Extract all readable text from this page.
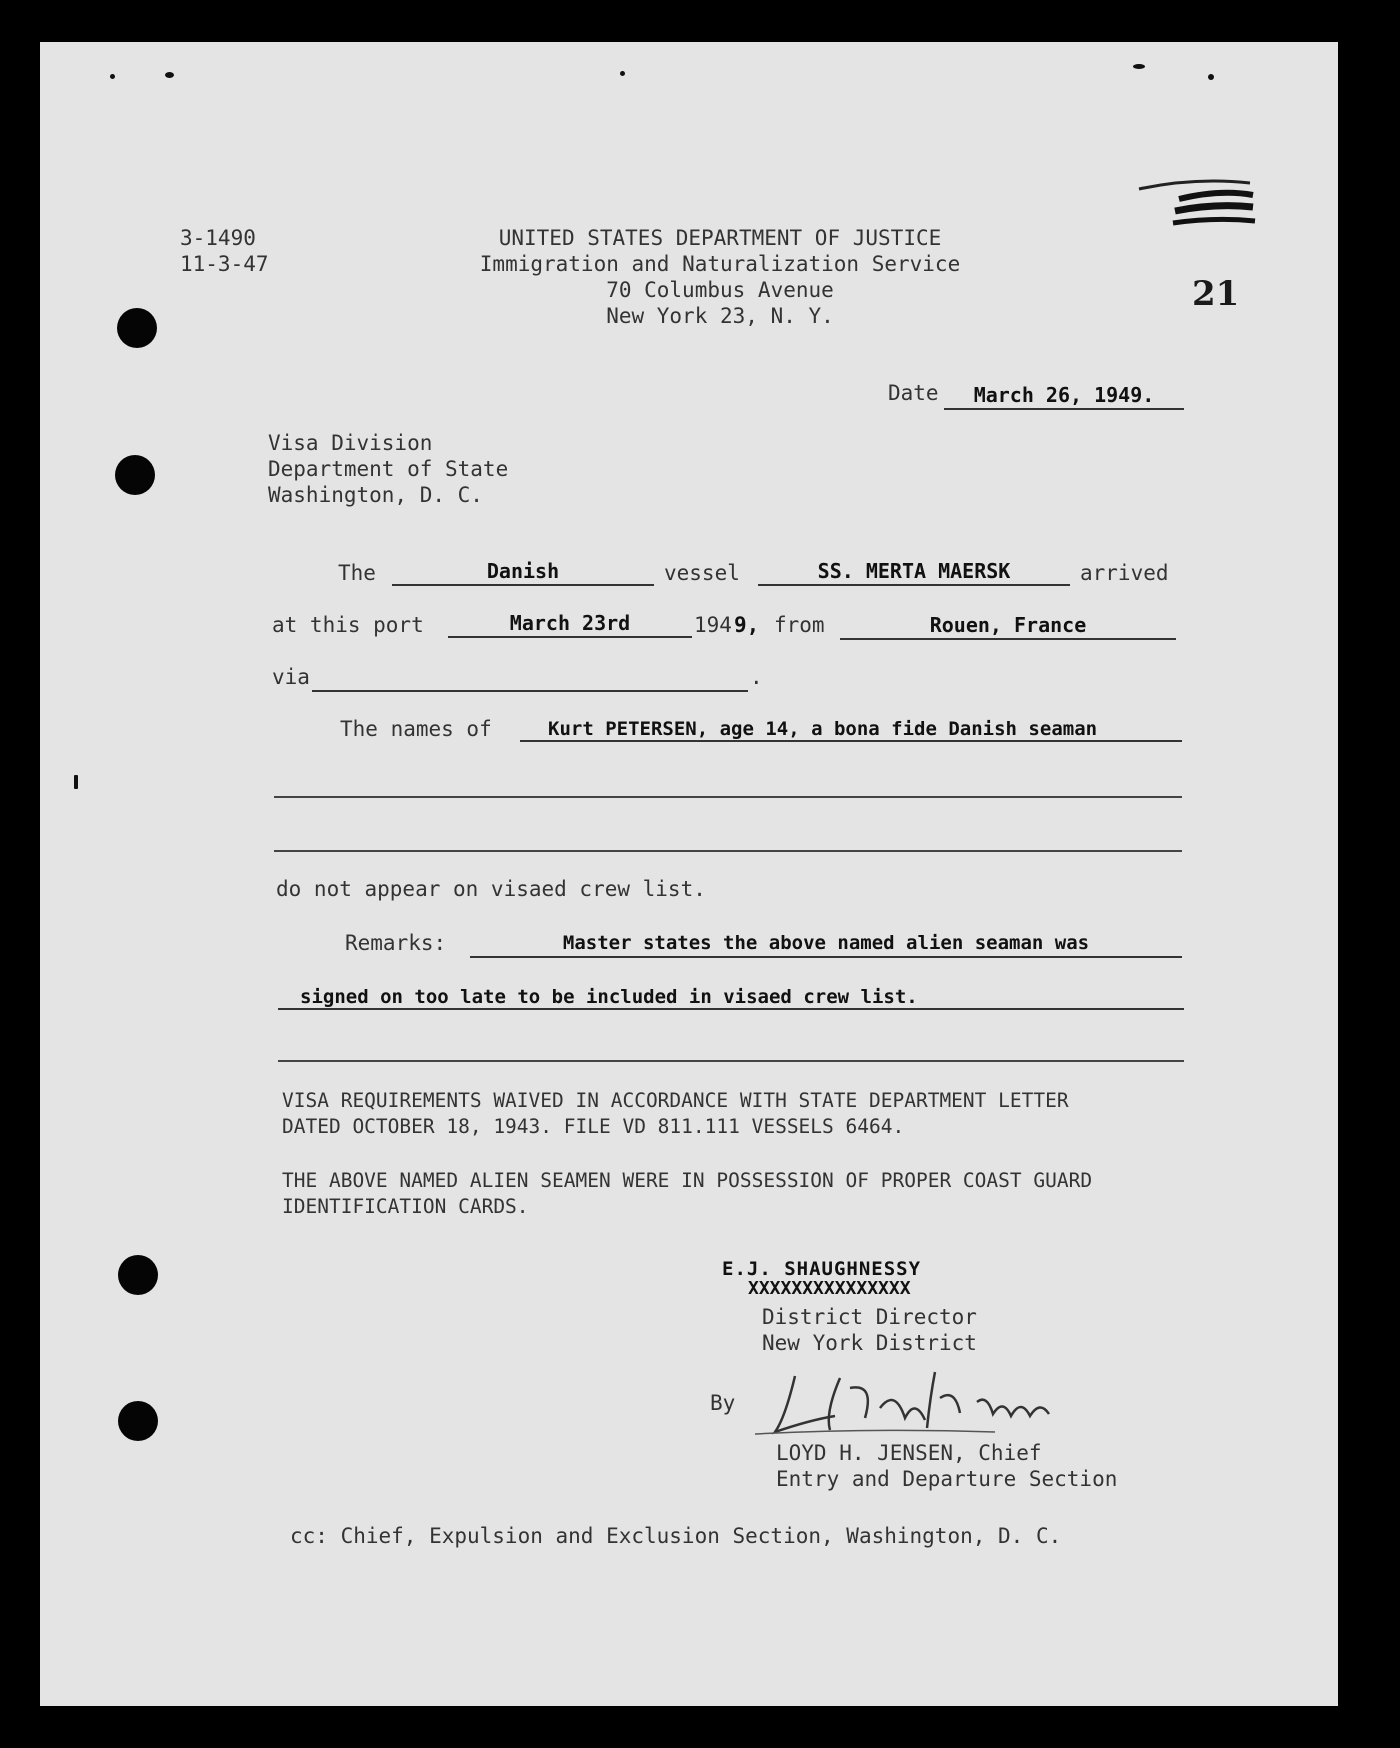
3-1490
11-3-47
UNITED STATES DEPARTMENT OF JUSTICE
Immigration and Naturalization Service
70 Columbus Avenue
New York 23, N. Y.
21
Date	March 26, 1949.
Visa Division
Department of State
Washington, D. C.
The	Danish	vessel	SS. MERTA MAERSK	arrived
at this port	March 23rd	194 9, from	Rouen, France
via	.
The names of	Kurt PETERSEN, age 14, a bona fide Danish seaman
do not appear on visaed crew list.
Remarks:	Master states the above named alien seaman was
signed on too late to be included in visaed crew list.
VISA REQUIREMENTS WAIVED IN ACCORDANCE WITH STATE DEPARTMENT LETTER
DATED OCTOBER 18, 1943. FILE VD 811.111 VESSELS 6464.
THE ABOVE NAMED ALIEN SEAMEN WERE IN POSSESSION OF PROPER COAST GUARD
IDENTIFICATION CARDS.
E.J. SHAUGHNESSY
XXXXXXXXXXXXXXX
District Director
New York District
By
LOYD H. JENSEN, Chief
Entry and Departure Section
cc: Chief, Expulsion and Exclusion Section, Washington, D. C.
